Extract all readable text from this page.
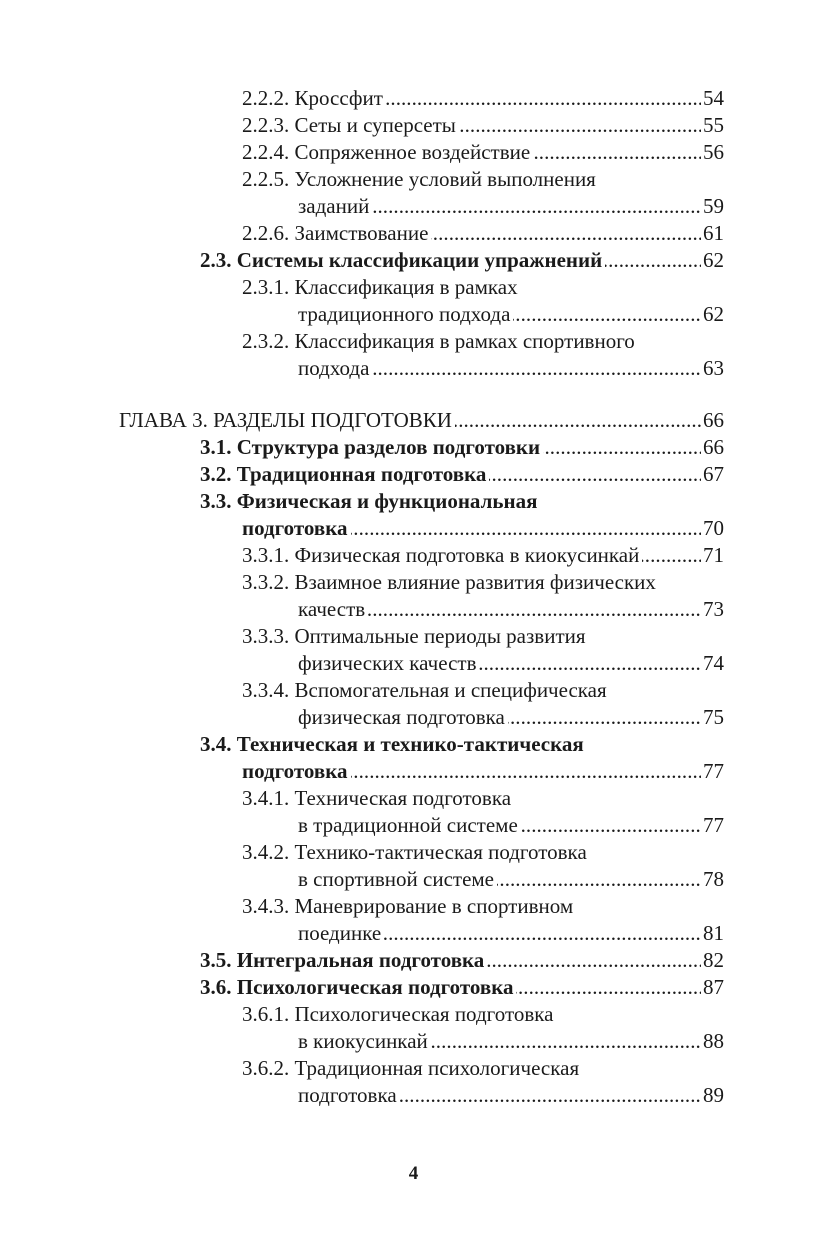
. . .
2.2.2. Кроссфит	54
. . .
2.2.3. Сеты и суперсеты	55
. . .
2.2.4. Сопряженное воздействие	56
2.2.5. Усложнение условий выполнения
. . .
заданий	59
. . .
2.2.6. Заимствование	61
. . .
2.3. Системы классификации упражнений	62
2.3.1. Классификация в рамках
. . .
традиционного подхода	62
2.3.2. Классификация в рамках спортивного
. . .
подхода	63
. . .
ГЛАВА 3. РАЗДЕЛЫ ПОДГОТОВКИ	66
. . .
3.1. Структура разделов подготовки	66
. . .
3.2. Традиционная подготовка	67
3.3. Физическая и функциональная
. . .
подготовка	70
. . .
3.3.1. Физическая подготовка в киокусинкай	71
3.3.2. Взаимное влияние развития физических
. . .
качеств	73
3.3.3. Оптимальные периоды развития
. . .
физических качеств	74
3.3.4. Вспомогательная и специфическая
. . .
физическая подготовка	75
3.4. Техническая и технико-тактическая
. . .
подготовка	77
3.4.1. Техническая подготовка
. . .
в традиционной системе	77
3.4.2. Технико-тактическая подготовка
. . .
в спортивной системе	78
3.4.3. Маневрирование в спортивном
. . .
поединке	81
. . .
3.5. Интегральная подготовка	82
. . .
3.6. Психологическая подготовка	87
3.6.1. Психологическая подготовка
. . .
в киокусинкай	88
3.6.2. Традиционная психологическая
. . .
подготовка	89
4
